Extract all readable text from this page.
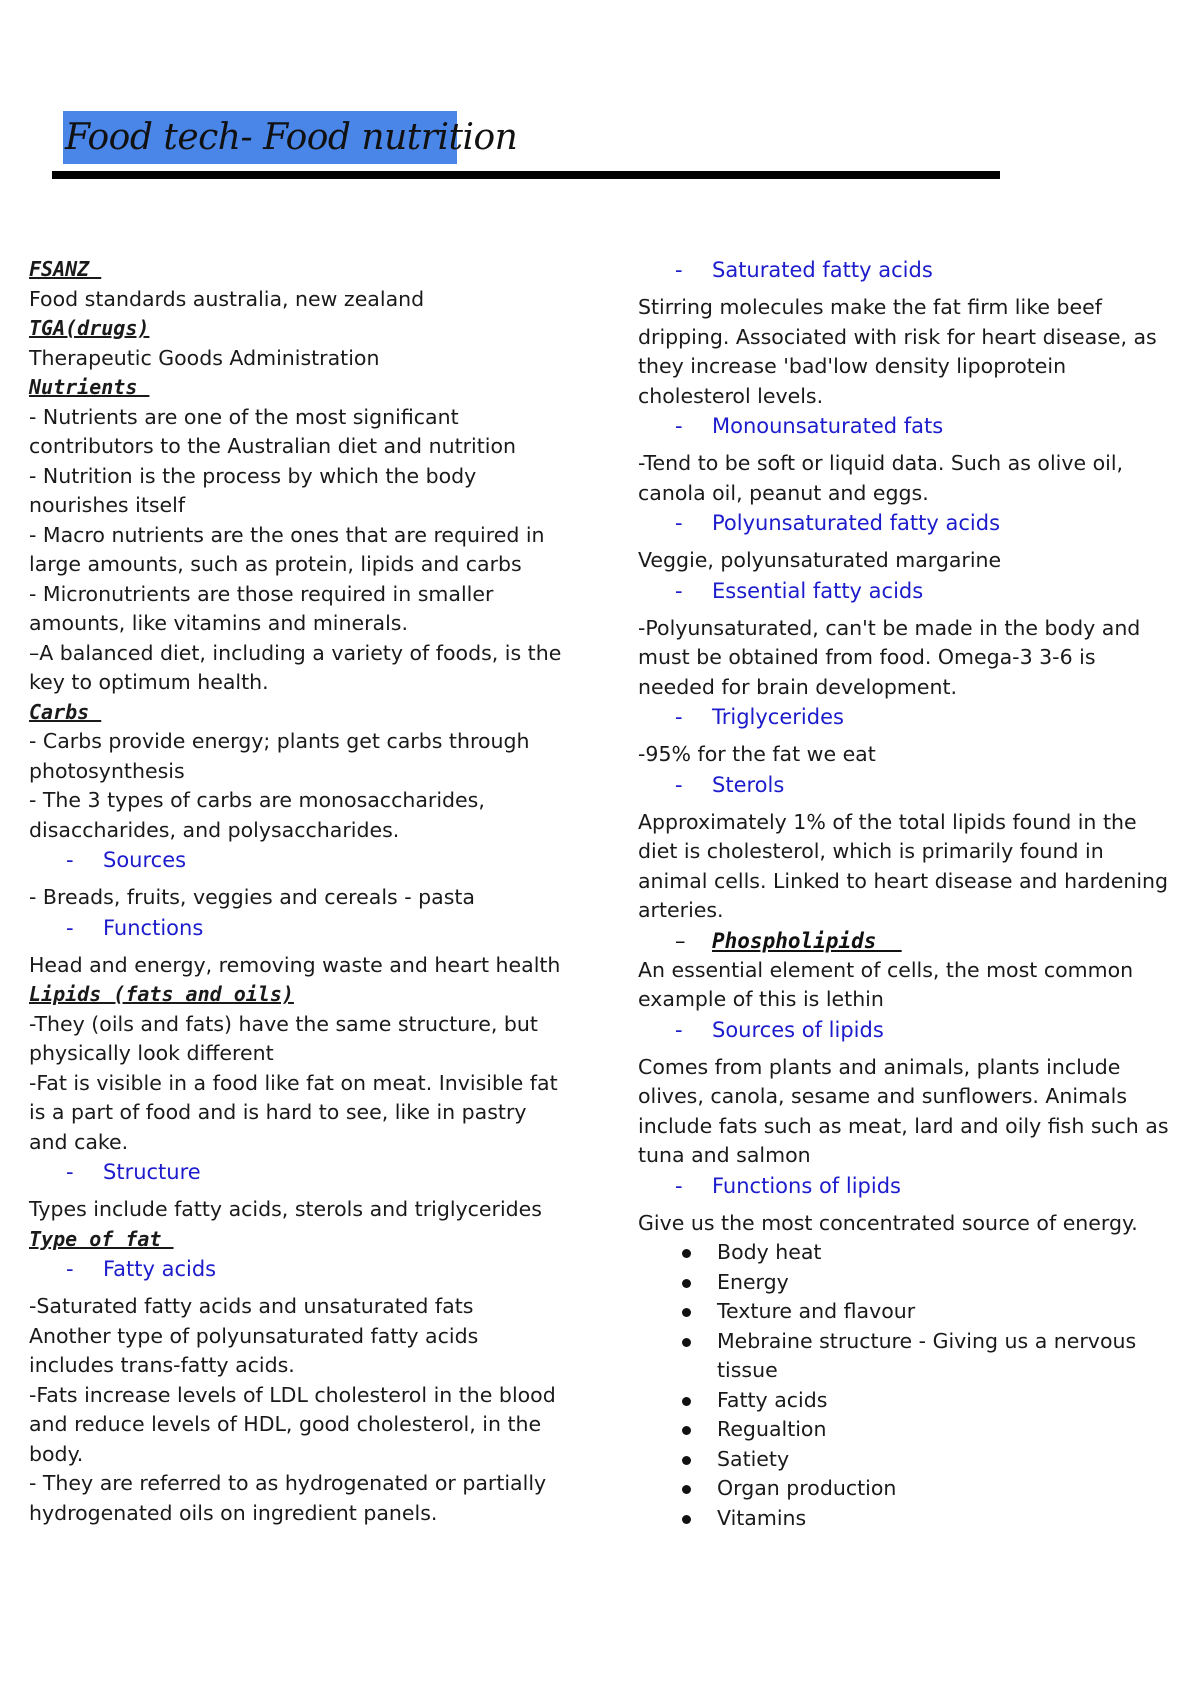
Food tech- Food nutrition
FSANZ
Food standards australia, new zealand
TGA(drugs)
Therapeutic Goods Administration
Nutrients
- Nutrients are one of the most significant contributors to the Australian diet and nutrition
- Nutrition is the process by which the body nourishes itself
- Macro nutrients are the ones that are required in large amounts, such as protein, lipids and carbs
- Micronutrients are those required in smaller amounts, like vitamins and minerals.
–A balanced diet, including a variety of foods, is the key to optimum health.
Carbs
- Carbs provide energy; plants get carbs through photosynthesis
- The 3 types of carbs are monosaccharides, disaccharides, and polysaccharides.
- Sources
- Breads, fruits, veggies and cereals - pasta
- Functions
Head and energy, removing waste and heart health
Lipids (fats and oils)
-They (oils and fats) have the same structure, but physically look different
-Fat is visible in a food like fat on meat. Invisible fat is a part of food and is hard to see, like in pastry and cake.
- Structure
Types include fatty acids, sterols and triglycerides
Type of fat
- Fatty acids
-Saturated fatty acids and unsaturated fats
Another type of polyunsaturated fatty acids includes trans-fatty acids.
-Fats increase levels of LDL cholesterol in the blood and reduce levels of HDL, good cholesterol, in the body.
- They are referred to as hydrogenated or partially hydrogenated oils on ingredient panels.
- Saturated fatty acids
Stirring molecules make the fat firm like beef dripping. Associated with risk for heart disease, as they increase 'bad'low density lipoprotein cholesterol levels.
- Monounsaturated fats
-Tend to be soft or liquid data. Such as olive oil, canola oil, peanut and eggs.
- Polyunsaturated fatty acids
Veggie, polyunsaturated margarine
- Essential fatty acids
-Polyunsaturated, can't be made in the body and must be obtained from food. Omega-3 3-6 is needed for brain development.
- Triglycerides
-95% for the fat we eat
- Sterols
Approximately 1% of the total lipids found in the diet is cholesterol, which is primarily found in animal cells. Linked to heart disease and hardening arteries.
– Phospholipids
An essential element of cells, the most common example of this is lethin
- Sources of lipids
Comes from plants and animals, plants include olives, canola, sesame and sunflowers. Animals include fats such as meat, lard and oily fish such as tuna and salmon
- Functions of lipids
Give us the most concentrated source of energy.
Body heat
Energy
Texture and flavour
Mebraine structure - Giving us a nervous tissue
Fatty acids
Regualtion
Satiety
Organ production
Vitamins
